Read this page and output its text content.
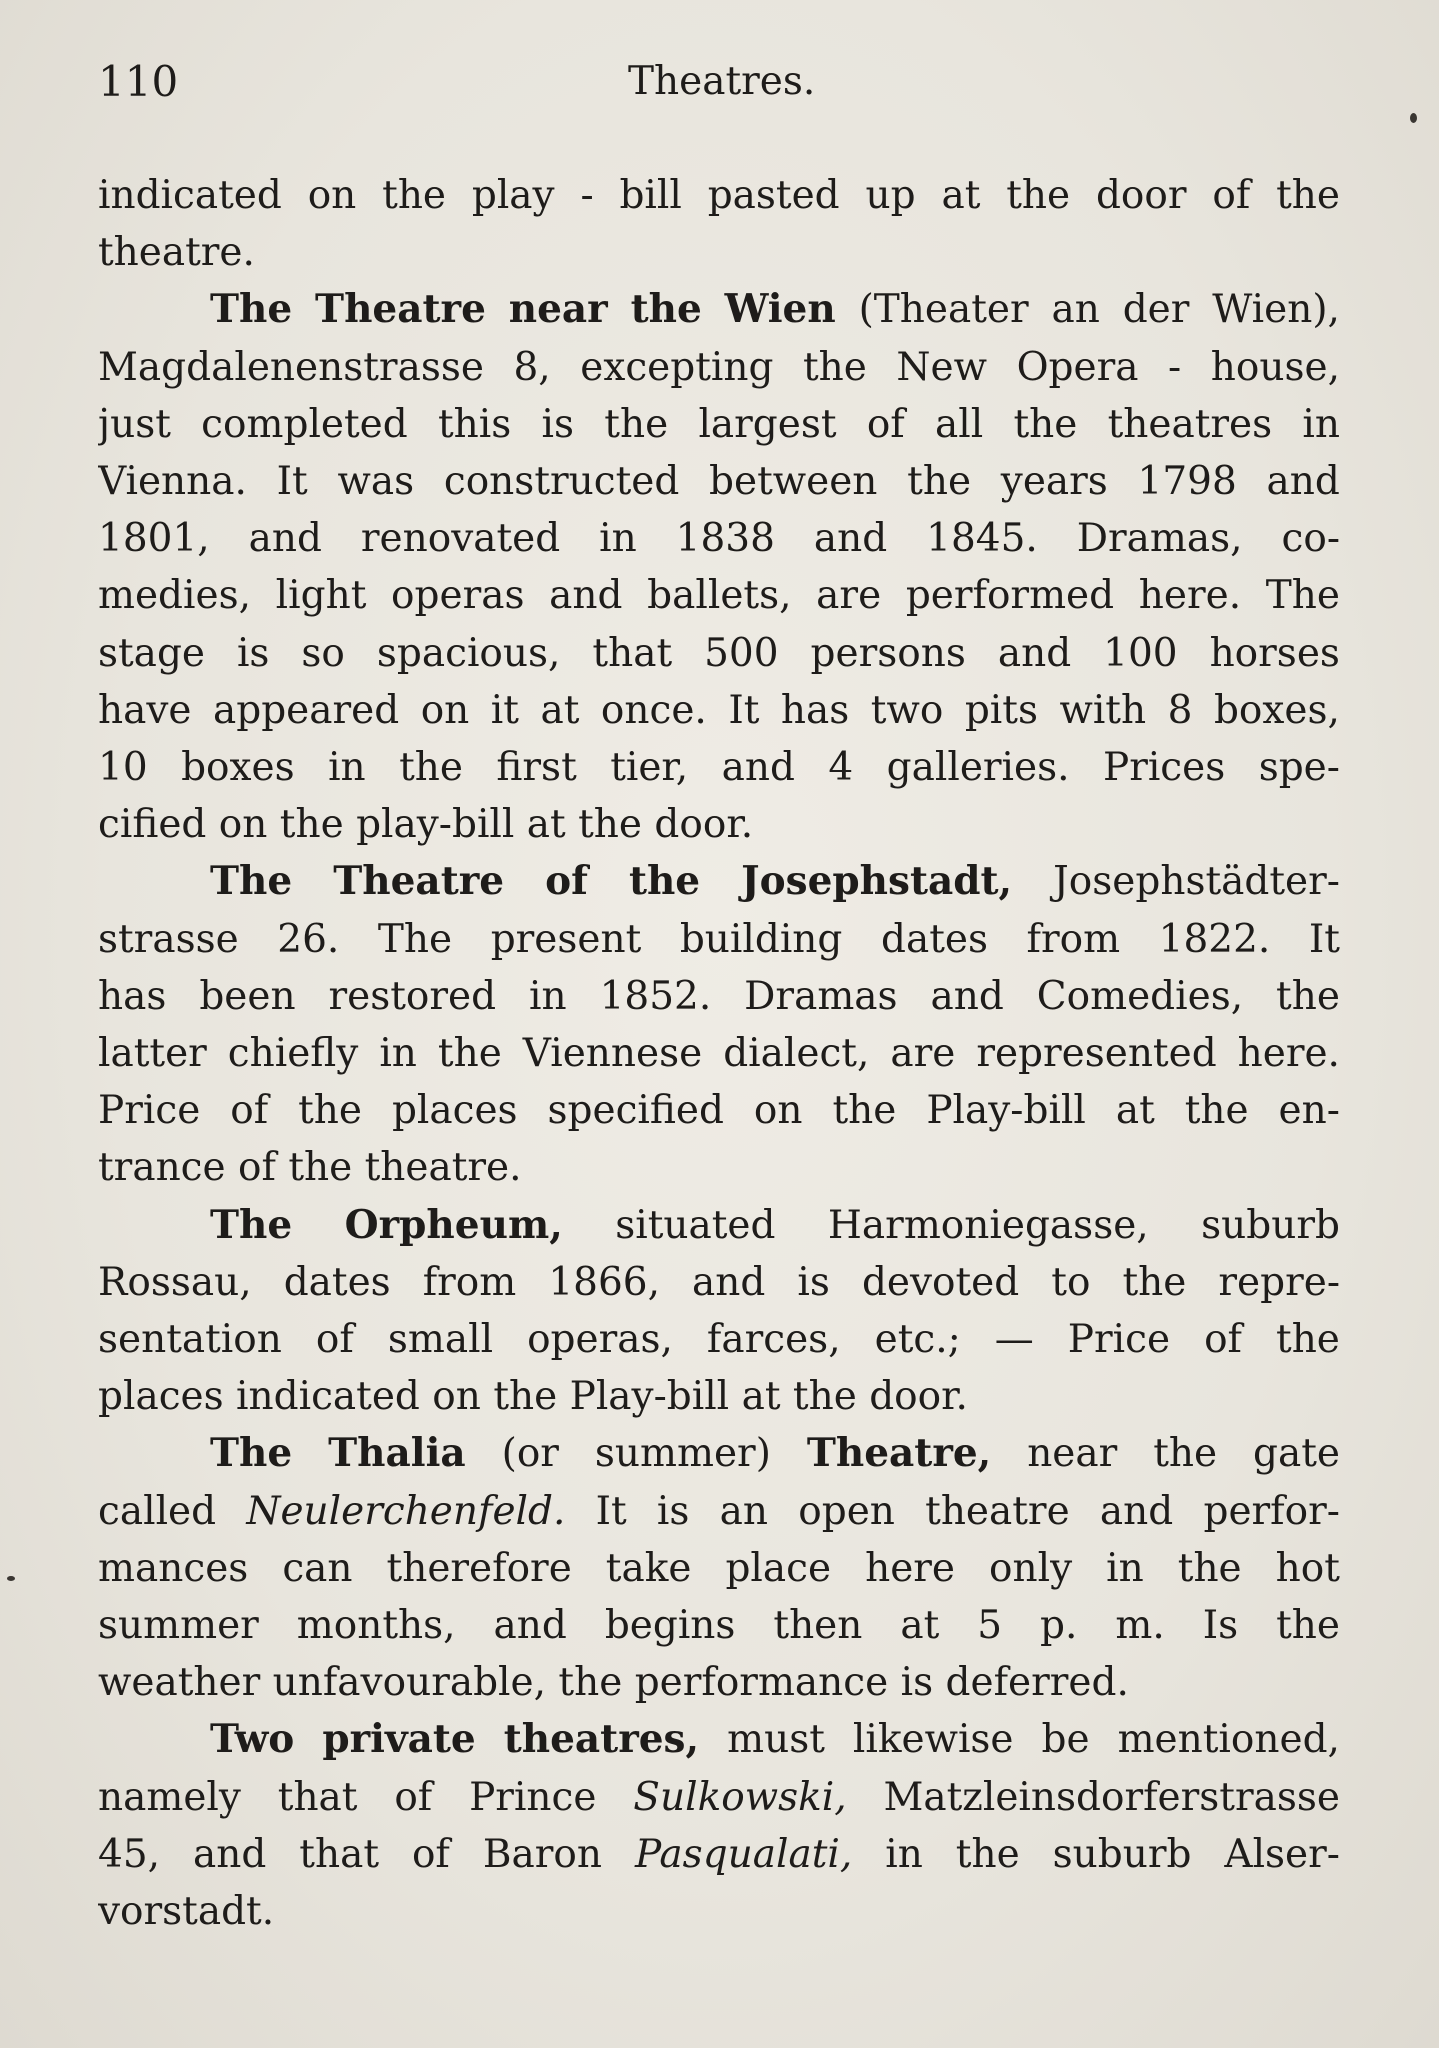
110	Theatres.
indicated on the play - bill pasted up at the door of the
theatre.
The Theatre near the Wien (Theater an der Wien),
Magdalenenstrasse 8, excepting the New Opera - house,
just completed this is the largest of all the theatres in
Vienna. It was constructed between the years 1798 and
1801, and renovated in 1838 and 1845. Dramas, co-
medies, light operas and ballets, are performed here. The
stage is so spacious, that 500 persons and 100 horses
have appeared on it at once. It has two pits with 8 boxes,
10 boxes in the first tier, and 4 galleries. Prices spe-
cified on the play-bill at the door.
The Theatre of the Josephstadt, Josephstädter-
strasse 26. The present building dates from 1822. It
has been restored in 1852. Dramas and Comedies, the
latter chiefly in the Viennese dialect, are represented here.
Price of the places specified on the Play-bill at the en-
trance of the theatre.
The Orpheum, situated Harmoniegasse, suburb
Rossau, dates from 1866, and is devoted to the repre-
sentation of small operas, farces, etc.; — Price of the
places indicated on the Play-bill at the door.
The Thalia (or summer) Theatre, near the gate
called Neulerchenfeld. It is an open theatre and perfor-
mances can therefore take place here only in the hot
summer months, and begins then at 5 p. m. Is the
weather unfavourable, the performance is deferred.
Two private theatres, must likewise be mentioned,
namely that of Prince Sulkowski, Matzleinsdorferstrasse
45, and that of Baron Pasqualati, in the suburb Alser-
vorstadt.
